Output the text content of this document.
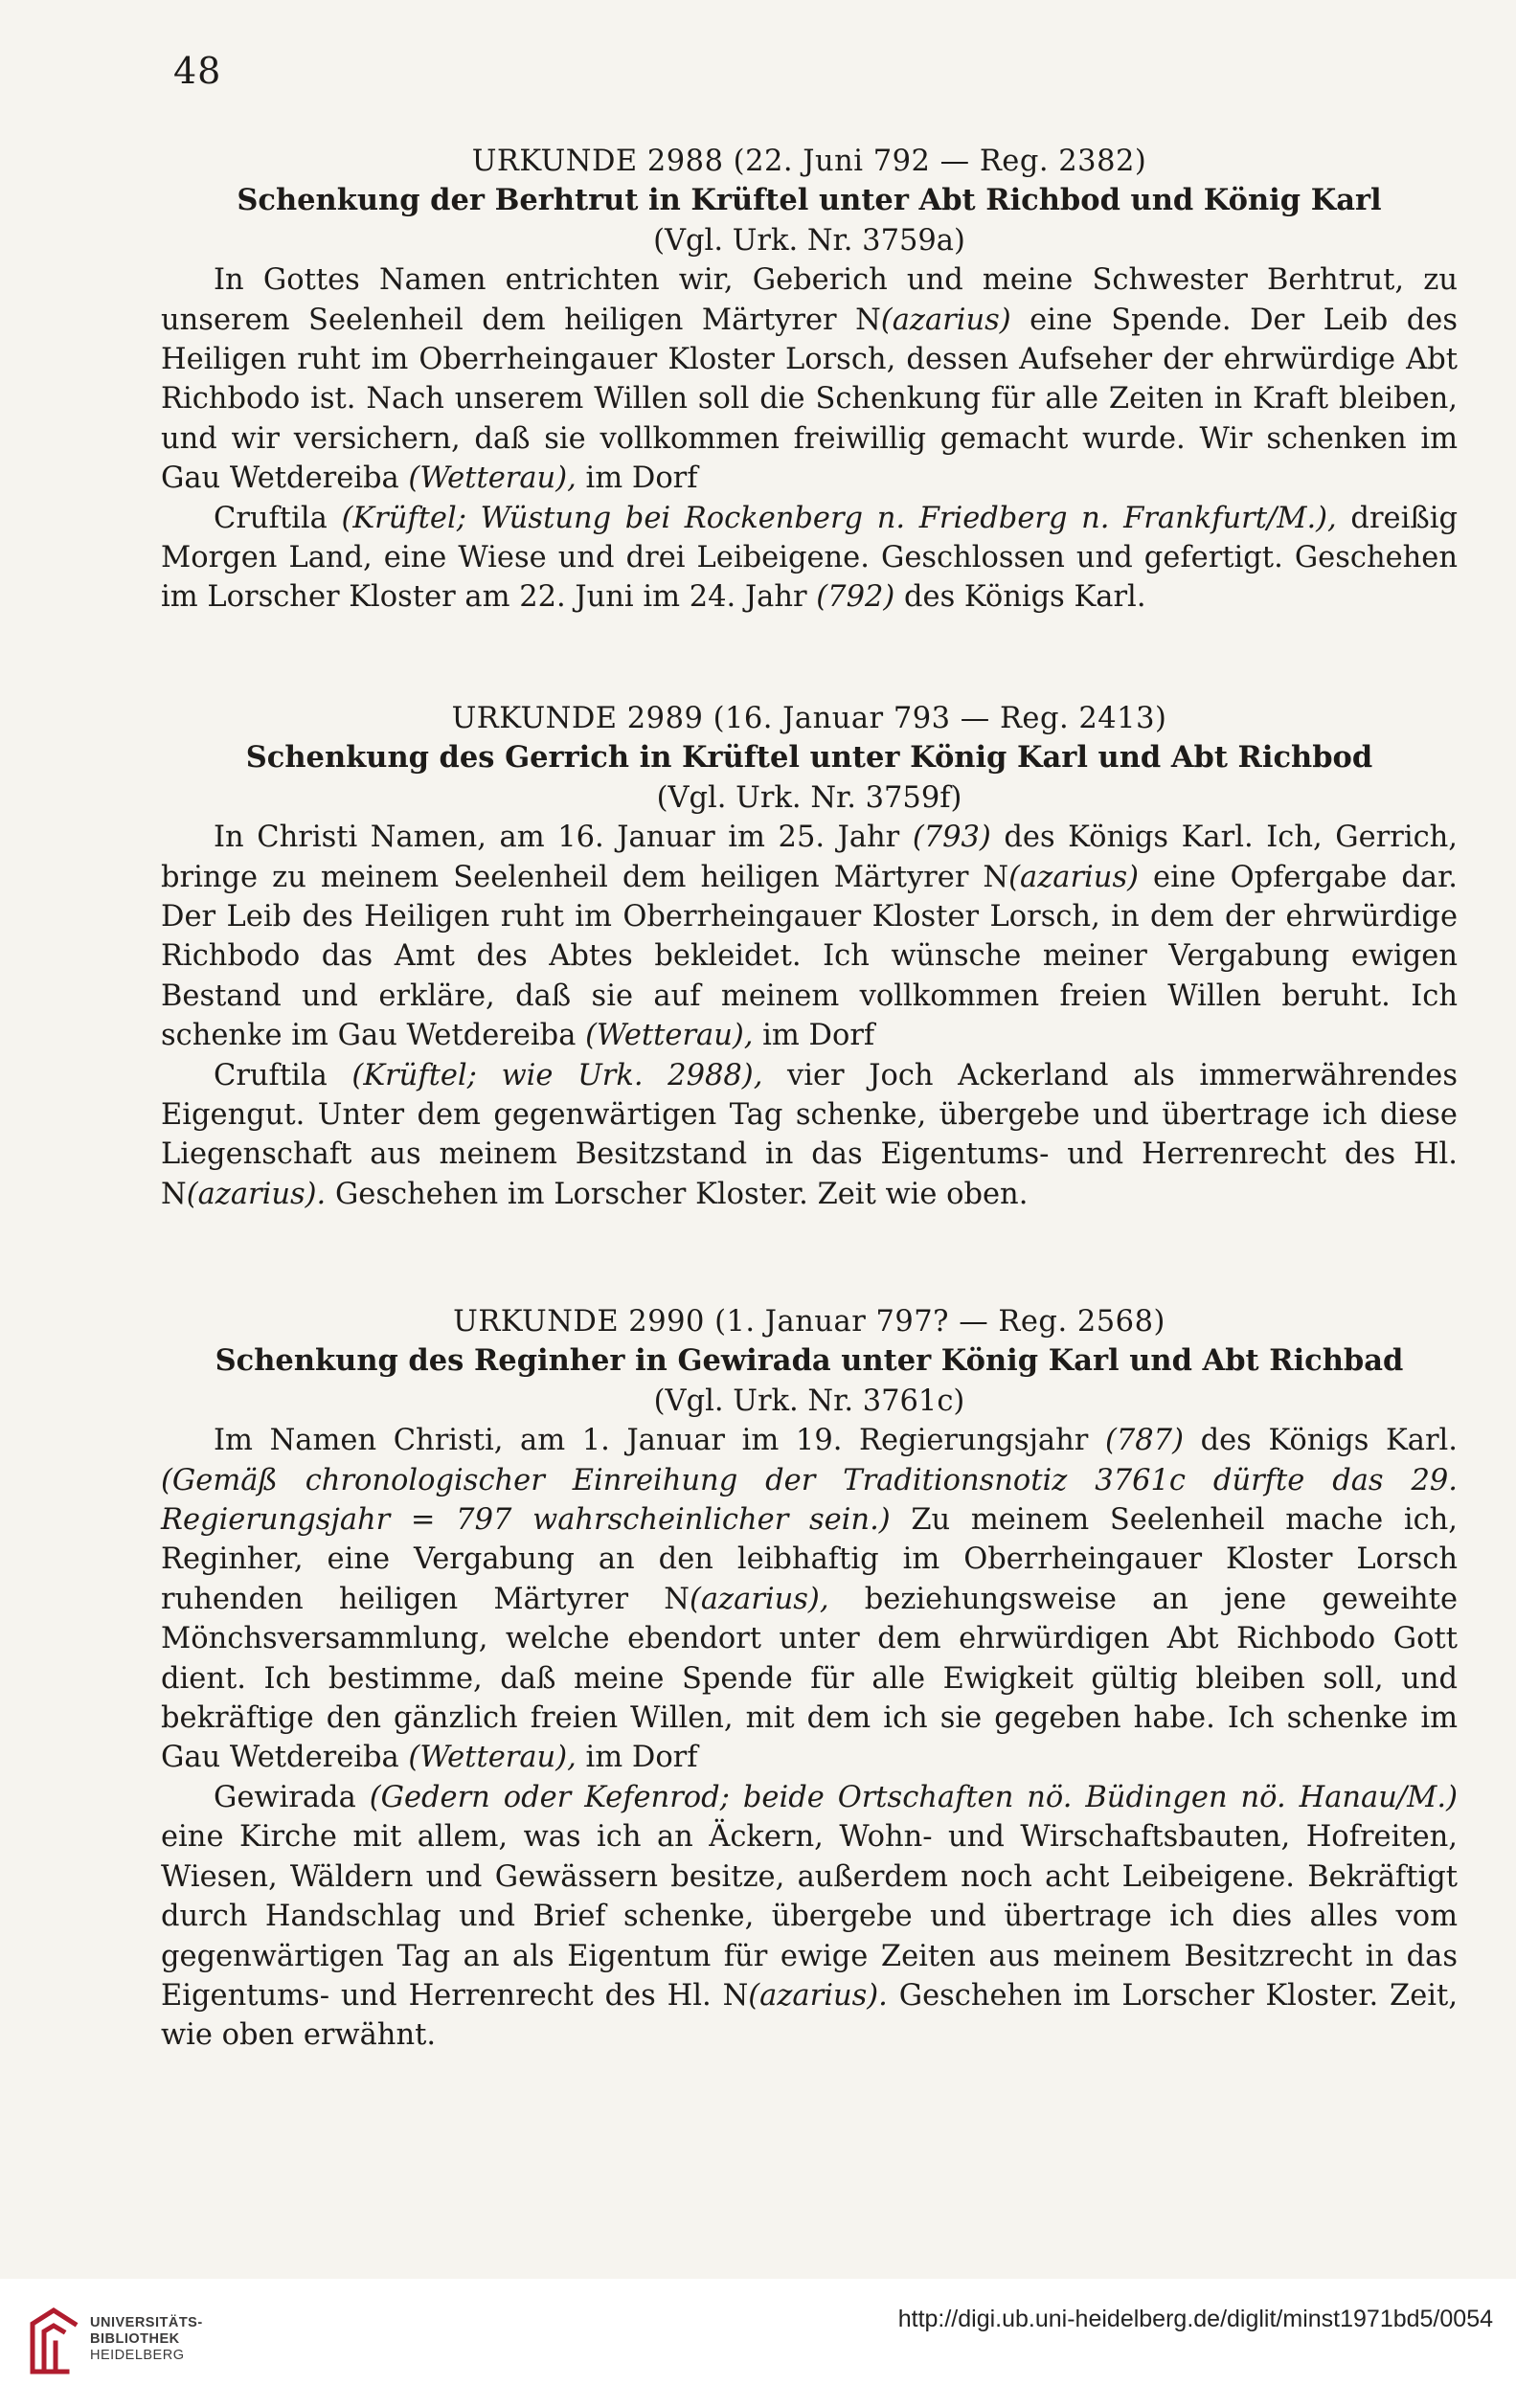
48
URKUNDE 2988 (22. Juni 792 — Reg. 2382)
Schenkung der Berhtrut in Krüftel unter Abt Richbod und König Karl
(Vgl. Urk. Nr. 3759a)

In Gottes Namen entrichten wir, Geberich und meine Schwester Berhtrut, zu unserem Seelenheil dem heiligen Märtyrer N(azarius) eine Spende. Der Leib des Heiligen ruht im Oberrheingauer Kloster Lorsch, dessen Aufseher der ehrwürdige Abt Richbodo ist. Nach unserem Willen soll die Schenkung für alle Zeiten in Kraft bleiben, und wir versichern, daß sie vollkommen freiwillig gemacht wurde. Wir schenken im Gau Wetdereiba (Wetterau), im Dorf

Cruftila (Krüftel; Wüstung bei Rockenberg n. Friedberg n. Frankfurt/M.), dreißig Morgen Land, eine Wiese und drei Leibeigene. Geschlossen und gefertigt. Geschehen im Lorscher Kloster am 22. Juni im 24. Jahr (792) des Königs Karl.

URKUNDE 2989 (16. Januar 793 — Reg. 2413)
Schenkung des Gerrich in Krüftel unter König Karl und Abt Richbod
(Vgl. Urk. Nr. 3759f)

In Christi Namen, am 16. Januar im 25. Jahr (793) des Königs Karl. Ich, Gerrich, bringe zu meinem Seelenheil dem heiligen Märtyrer N(azarius) eine Opfergabe dar. Der Leib des Heiligen ruht im Oberrheingauer Kloster Lorsch, in dem der ehrwürdige Richbodo das Amt des Abtes bekleidet. Ich wünsche meiner Vergabung ewigen Bestand und erkläre, daß sie auf meinem vollkommen freien Willen beruht. Ich schenke im Gau Wetdereiba (Wetterau), im Dorf

Cruftila (Krüftel; wie Urk. 2988), vier Joch Ackerland als immerwährendes Eigengut. Unter dem gegenwärtigen Tag schenke, übergebe und übertrage ich diese Liegenschaft aus meinem Besitzstand in das Eigentums- und Herrenrecht des Hl. N(azarius). Geschehen im Lorscher Kloster. Zeit wie oben.

URKUNDE 2990 (1. Januar 797? — Reg. 2568)
Schenkung des Reginher in Gewirada unter König Karl und Abt Richbad
(Vgl. Urk. Nr. 3761c)

Im Namen Christi, am 1. Januar im 19. Regierungsjahr (787) des Königs Karl. (Gemäß chronologischer Einreihung der Traditionsnotiz 3761c dürfte das 29. Regierungsjahr = 797 wahrscheinlicher sein.) Zu meinem Seelenheil mache ich, Reginher, eine Vergabung an den leibhaftig im Oberrheingauer Kloster Lorsch ruhenden heiligen Märtyrer N(azarius), beziehungsweise an jene geweihte Mönchsversammlung, welche ebendort unter dem ehrwürdigen Abt Richbodo Gott dient. Ich bestimme, daß meine Spende für alle Ewigkeit gültig bleiben soll, und bekräftige den gänzlich freien Willen, mit dem ich sie gegeben habe. Ich schenke im Gau Wetdereiba (Wetterau), im Dorf

Gewirada (Gedern oder Kefenrod; beide Ortschaften nö. Büdingen nö. Hanau/M.) eine Kirche mit allem, was ich an Äckern, Wohn- und Wirschaftsbauten, Hofreiten, Wiesen, Wäldern und Gewässern besitze, außerdem noch acht Leibeigene. Bekräftigt durch Handschlag und Brief schenke, übergebe und übertrage ich dies alles vom gegenwärtigen Tag an als Eigentum für ewige Zeiten aus meinem Besitzrecht in das Eigentums- und Herrenrecht des Hl. N(azarius). Geschehen im Lorscher Kloster. Zeit, wie oben erwähnt.

UNIVERSITÄTS-
BIBLIOTHEK
HEIDELBERG
http://digi.ub.uni-heidelberg.de/diglit/minst1971bd5/0054
